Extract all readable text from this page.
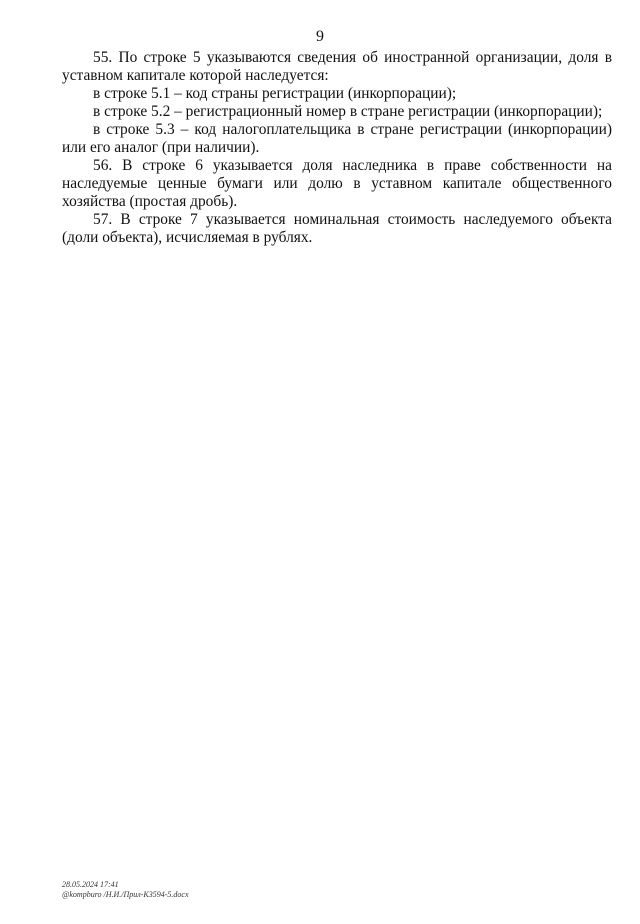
9

55. По строке 5 указываются сведения об иностранной организации, доля в уставном капитале которой наследуется:

в строке 5.1 – код страны регистрации (инкорпорации);

в строке 5.2 – регистрационный номер в стране регистрации (инкорпорации);

в строке 5.3 – код налогоплательщика в стране регистрации (инкорпорации) или его аналог (при наличии).

56. В строке 6 указывается доля наследника в праве собственности на наследуемые ценные бумаги или долю в уставном капитале общественного хозяйства (простая дробь).

57. В строке 7 указывается номинальная стоимость наследуемого объекта (доли объекта), исчисляемая в рублях.

28.05.2024 17:41
@kompburo /Н.И./Прил-К3594-5.docx
